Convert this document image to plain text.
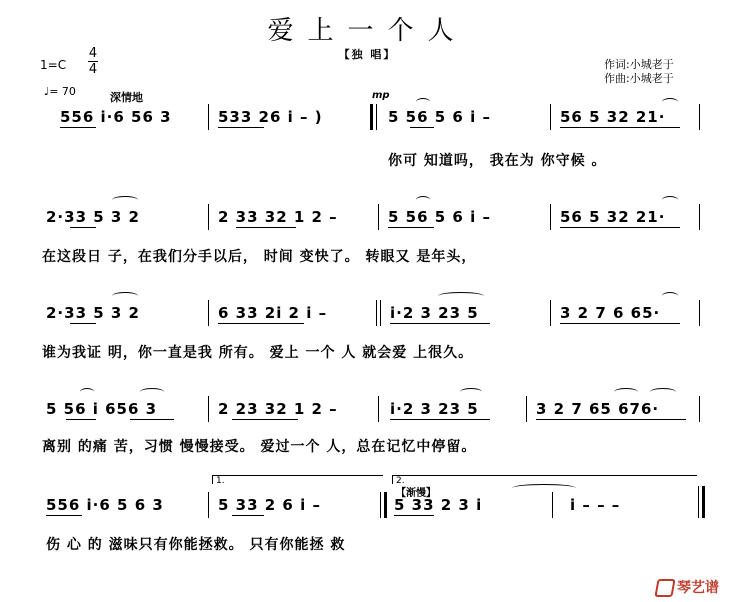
爱上一个人
【独 唱】
作词:小城老于
作曲:小城老于
1=C
4
4
♩= 70	深情地	mp
556 i·6 56 3	533 26 i – )	5 56 5 6 i –	56 5 32 21·
你可 知道吗， 我在为 你守候 。
2·33 5 3 2	2 33 32 1 2 –	5 56 5 6 i –	56 5 32 21·
在这段日 子，在我们分手以后， 时间 变快了。 转眼又 是年头，
2·33 5 3 2	6 33 2i 2 i –	i·2 3 23 5	3 2 7 6 65·
谁为我证 明，你一直是我 所有。 爱上 一个 人 就会爱 上很久。
5 56 i 656 3	2 23 32 1 2 –	i·2 3 23 5	3 2 7 65 676·
离别 的痛 苦，习惯 慢慢接受。 爱过一个 人，总在记忆中停留。
1.	2.
【渐慢】
556 i·6 5 6 3	5 33 2 6 i –	5 33 2 3 i	i – – –
伤 心 的 滋味只有你能拯救。 只有你能拯 救
琴艺谱
